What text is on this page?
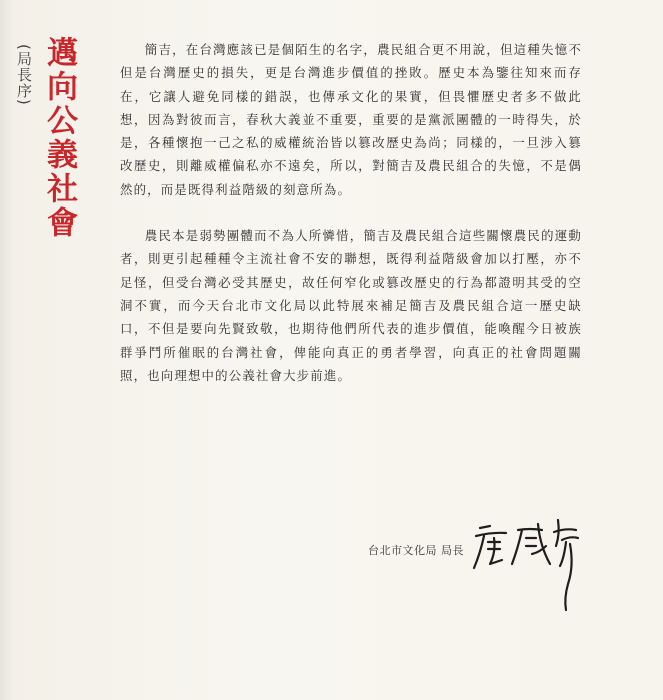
(局長序) 邁向公義社會	簡吉，在台灣應該已是個陌生的名字，農民組合更不用說，但這種失憶不但是台灣歷史的損失，更是台灣進步價值的挫敗。歷史本為鑒往知來而存在，它讓人避免同樣的錯誤，也傳承文化的果實，但畏懼歷史者多不做此想，因為對彼而言，春秋大義並不重要，重要的是黨派團體的一時得失，於是，各種懷抱一己之私的威權統治皆以篡改歷史為尚；同樣的，一旦涉入篡改歷史，則離威權偏私亦不遠矣，所以，對簡吉及農民組合的失憶，不是偶然的，而是既得利益階級的刻意所為。

農民本是弱勢團體而不為人所憐惜，簡吉及農民組合這些關懷農民的運動者，則更引起種種令主流社會不安的聯想，既得利益階級會加以打壓，亦不足怪，但受台灣必受其歷史，故任何窄化或篡改歷史的行為都證明其受的空洞不實，而今天台北市文化局以此特展來補足簡吉及農民組合這一歷史缺口，不但是要向先賢致敬，也期待他們所代表的進步價值，能喚醒今日被族群爭鬥所催眠的台灣社會，俾能向真正的勇者學習，向真正的社會問題關照，也向理想中的公義社會大步前進。

台北市文化局 局長
